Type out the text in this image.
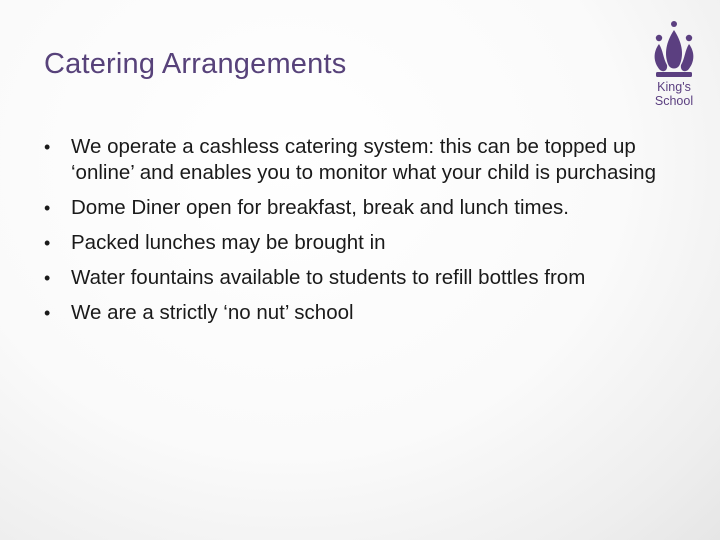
Catering Arrangements
King's
School
•	We operate a cashless catering system: this can be topped up ‘online’ and enables you to monitor what your child is purchasing
•	Dome Diner open for breakfast, break and lunch times.
•	Packed lunches may be brought in
•	Water fountains available to students to refill bottles from
•	We are a strictly ‘no nut’ school
